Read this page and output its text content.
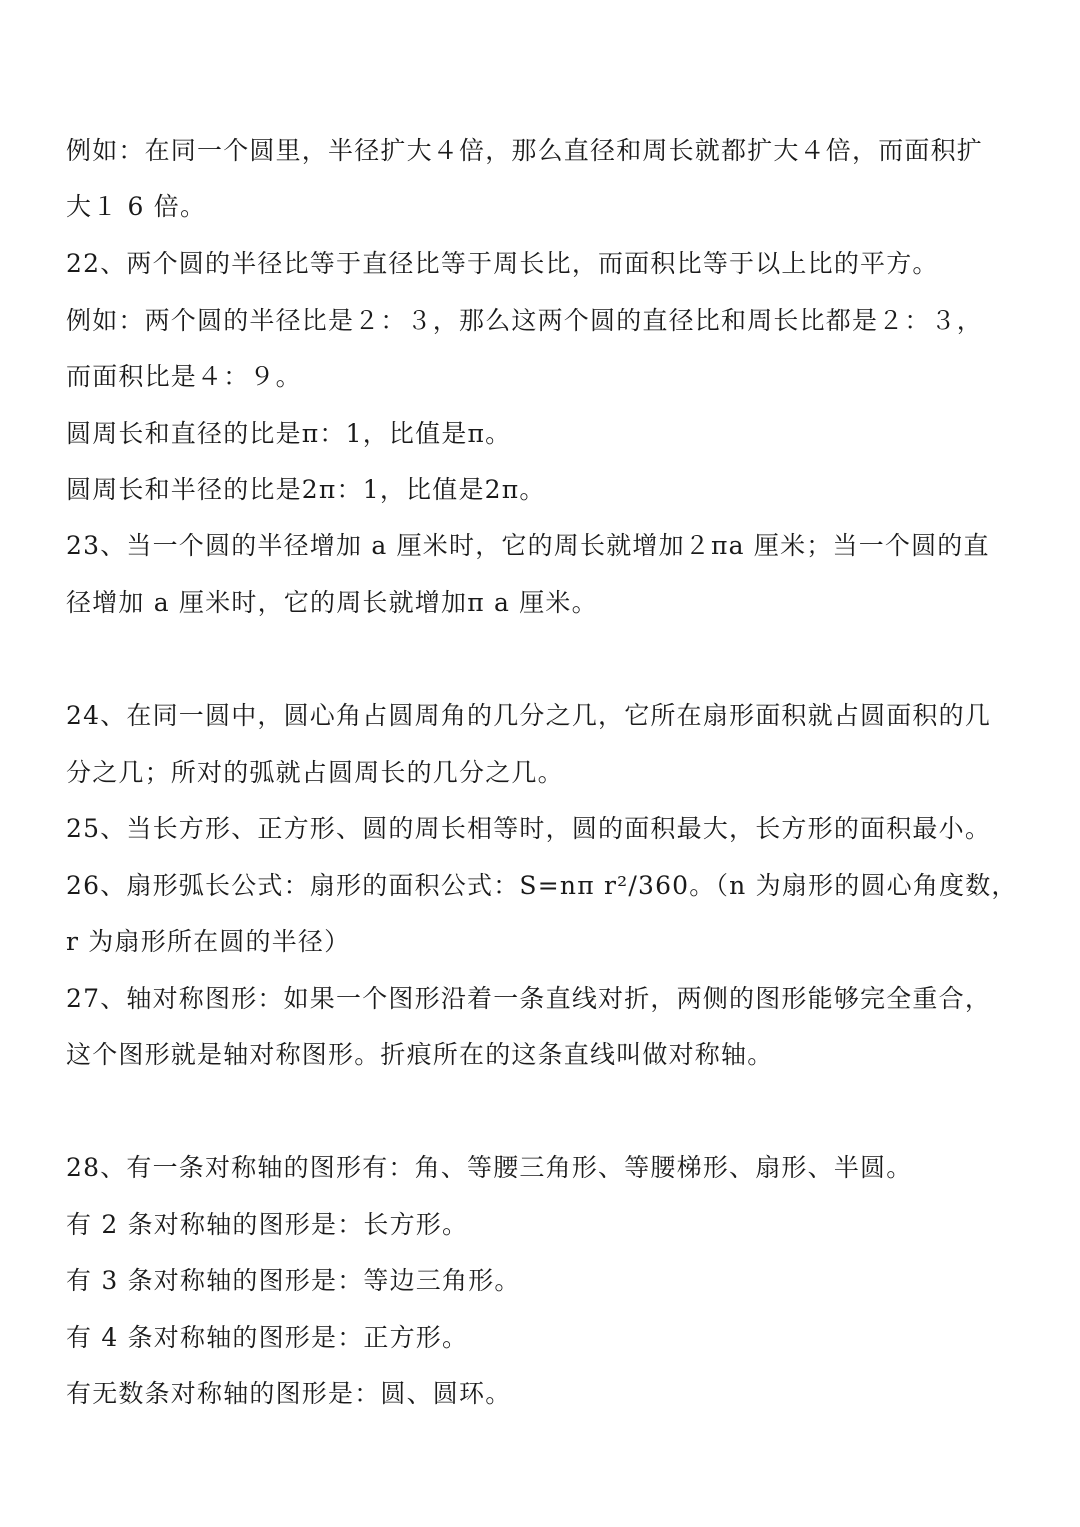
例如：在同一个圆里，半径扩大４倍，那么直径和周长就都扩大４倍，而面积扩
大１ 6 倍。
22、两个圆的半径比等于直径比等于周长比，而面积比等于以上比的平方。
例如：两个圆的半径比是２：３，那么这两个圆的直径比和周长比都是２：３，
而面积比是４：９。
圆周长和直径的比是π：1，比值是π。
圆周长和半径的比是2π：1，比值是2π。
23、当一个圆的半径增加 a 厘米时，它的周长就增加２πa 厘米；当一个圆的直
径增加 a 厘米时，它的周长就增加π a 厘米。
24、在同一圆中，圆心角占圆周角的几分之几，它所在扇形面积就占圆面积的几
分之几；所对的弧就占圆周长的几分之几。
25、当长方形、正方形、圆的周长相等时，圆的面积最大，长方形的面积最小。
26、扇形弧长公式：扇形的面积公式：S=nπ r²/360。（n 为扇形的圆心角度数，
r 为扇形所在圆的半径）
27、轴对称图形：如果一个图形沿着一条直线对折，两侧的图形能够完全重合，
这个图形就是轴对称图形。折痕所在的这条直线叫做对称轴。
28、有一条对称轴的图形有：角、等腰三角形、等腰梯形、扇形、半圆。
有 2 条对称轴的图形是：长方形。
有 3 条对称轴的图形是：等边三角形。
有 4 条对称轴的图形是：正方形。
有无数条对称轴的图形是：圆、圆环。
